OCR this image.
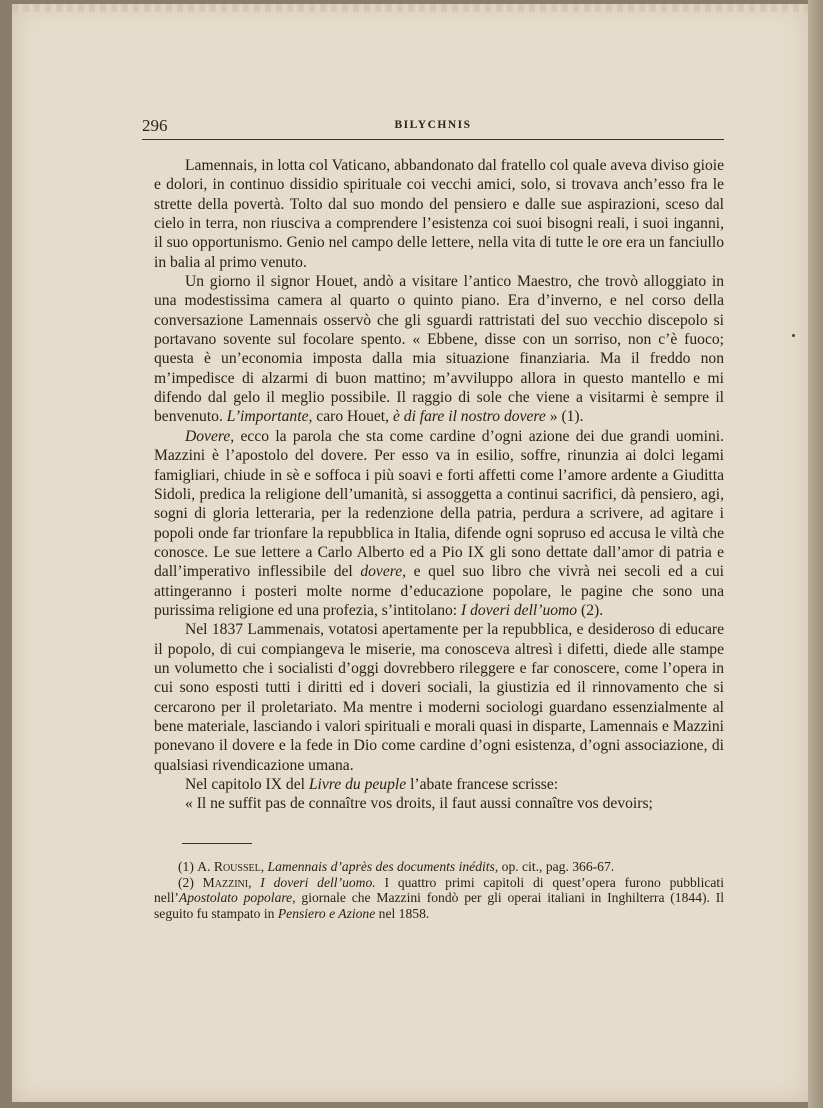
296	BILYCHNIS

Lamennais, in lotta col Vaticano, abbandonato dal fratello col quale aveva diviso gioie e dolori, in continuo dissidio spirituale coi vecchi amici, solo, si trovava anch’esso fra le strette della povertà. Tolto dal suo mondo del pensiero e dalle sue aspirazioni, sceso dal cielo in terra, non riusciva a comprendere l’esistenza coi suoi bisogni reali, i suoi inganni, il suo opportunismo. Genio nel campo delle lettere, nella vita di tutte le ore era un fanciullo in balia al primo venuto.

Un giorno il signor Houet, andò a visitare l’antico Maestro, che trovò alloggiato in una modestissima camera al quarto o quinto piano. Era d’inverno, e nel corso della conversazione Lamennais osservò che gli sguardi rattristati del suo vecchio discepolo si portavano sovente sul focolare spento. « Ebbene, disse con un sorriso, non c’è fuoco; questa è un’economia imposta dalla mia situazione finanziaria. Ma il freddo non m’impedisce di alzarmi di buon mattino; m’avviluppo allora in questo mantello e mi difendo dal gelo il meglio possibile. Il raggio di sole che viene a visitarmi è sempre il benvenuto. L’importante, caro Houet, è di fare il nostro dovere » (1).

Dovere, ecco la parola che sta come cardine d’ogni azione dei due grandi uomini. Mazzini è l’apostolo del dovere. Per esso va in esilio, soffre, rinunzia ai dolci legami famigliari, chiude in sè e soffoca i più soavi e forti affetti come l’amore ardente a Giuditta Sidoli, predica la religione dell’umanità, si assoggetta a continui sacrifici, dà pensiero, agi, sogni di gloria letteraria, per la redenzione della patria, perdura a scrivere, ad agitare i popoli onde far trionfare la repubblica in Italia, difende ogni sopruso ed accusa le viltà che conosce. Le sue lettere a Carlo Alberto ed a Pio IX gli sono dettate dall’amor di patria e dall’imperativo inflessibile del dovere, e quel suo libro che vivrà nei secoli ed a cui attingeranno i posteri molte norme d’educazione popolare, le pagine che sono una purissima religione ed una profezia, s’intitolano: I doveri dell’uomo (2).

Nel 1837 Lammenais, votatosi apertamente per la repubblica, e desideroso di educare il popolo, di cui compiangeva le miserie, ma conosceva altresì i difetti, diede alle stampe un volumetto che i socialisti d’oggi dovrebbero rileggere e far conoscere, come l’opera in cui sono esposti tutti i diritti ed i doveri sociali, la giustizia ed il rinnovamento che si cercarono per il proletariato. Ma mentre i moderni sociologi guardano essenzialmente al bene materiale, lasciando i valori spirituali e morali quasi in disparte, Lamennais e Mazzini ponevano il dovere e la fede in Dio come cardine d’ogni esistenza, d’ogni associazione, di qualsiasi rivendicazione umana.

Nel capitolo IX del Livre du peuple l’abate francese scrisse:

« Il ne suffit pas de connaître vos droits, il faut aussi connaître vos devoirs;

(1) A. Roussel, Lamennais d’après des documents inédits, op. cit., pag. 366-67.

(2) Mazzini, I doveri dell’uomo. I quattro primi capitoli di quest’opera furono pubblicati nell’Apostolato popolare, giornale che Mazzini fondò per gli operai italiani in Inghilterra (1844). Il seguito fu stampato in Pensiero e Azione nel 1858.
